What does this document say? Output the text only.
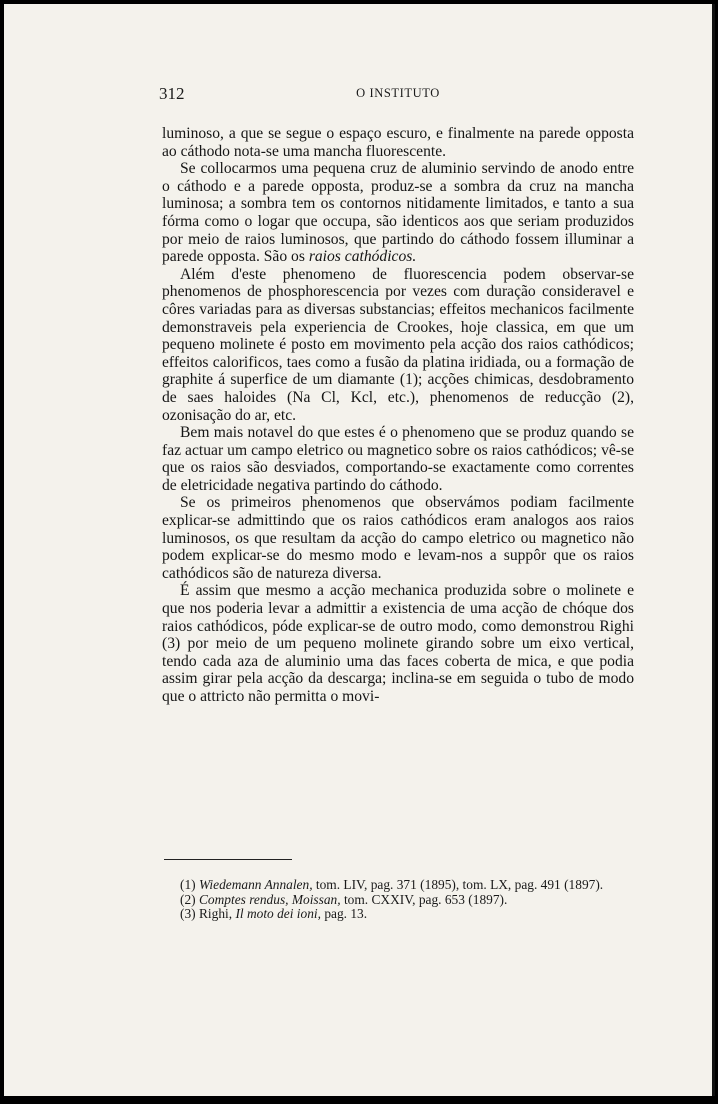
312	O INSTITUTO

luminoso, a que se segue o espaço escuro, e finalmente na parede opposta ao cáthodo nota-se uma mancha fluorescente.

Se collocarmos uma pequena cruz de aluminio servindo de anodo entre o cáthodo e a parede opposta, produz-se a sombra da cruz na mancha luminosa; a sombra tem os contornos nitidamente limitados, e tanto a sua fórma como o logar que occupa, são identicos aos que seriam produzidos por meio de raios luminosos, que partindo do cáthodo fossem illuminar a parede opposta. São os raios cathódicos.

Além d'este phenomeno de fluorescencia podem observar-se phenomenos de phosphorescencia por vezes com duração consideravel e côres variadas para as diversas substancias; effeitos mechanicos facilmente demonstraveis pela experiencia de Crookes, hoje classica, em que um pequeno molinete é posto em movimento pela acção dos raios cathódicos; effeitos calorificos, taes como a fusão da platina iridiada, ou a formação de graphite á superfice de um diamante (1); acções chimicas, desdobramento de saes haloides (Na Cl, Kcl, etc.), phenomenos de reducção (2), ozonisação do ar, etc.

Bem mais notavel do que estes é o phenomeno que se produz quando se faz actuar um campo eletrico ou magnetico sobre os raios cathódicos; vê-se que os raios são desviados, comportando-se exactamente como correntes de eletricidade negativa partindo do cáthodo.

Se os primeiros phenomenos que observámos podiam facilmente explicar-se admittindo que os raios cathódicos eram analogos aos raios luminosos, os que resultam da acção do campo eletrico ou magnetico não podem explicar-se do mesmo modo e levam-nos a suppôr que os raios cathódicos são de natureza diversa.

É assim que mesmo a acção mechanica produzida sobre o molinete e que nos poderia levar a admittir a existencia de uma acção de chóque dos raios cathódicos, póde explicar-se de outro modo, como demonstrou Righi (3) por meio de um pequeno molinete girando sobre um eixo vertical, tendo cada aza de aluminio uma das faces coberta de mica, e que podia assim girar pela acção da descarga; inclina-se em seguida o tubo de modo que o attricto não permitta o movi-

(1) Wiedemann Annalen, tom. LIV, pag. 371 (1895), tom. LX, pag. 491 (1897).

(2) Comptes rendus, Moissan, tom. CXXIV, pag. 653 (1897).

(3) Righi, Il moto dei ioni, pag. 13.
